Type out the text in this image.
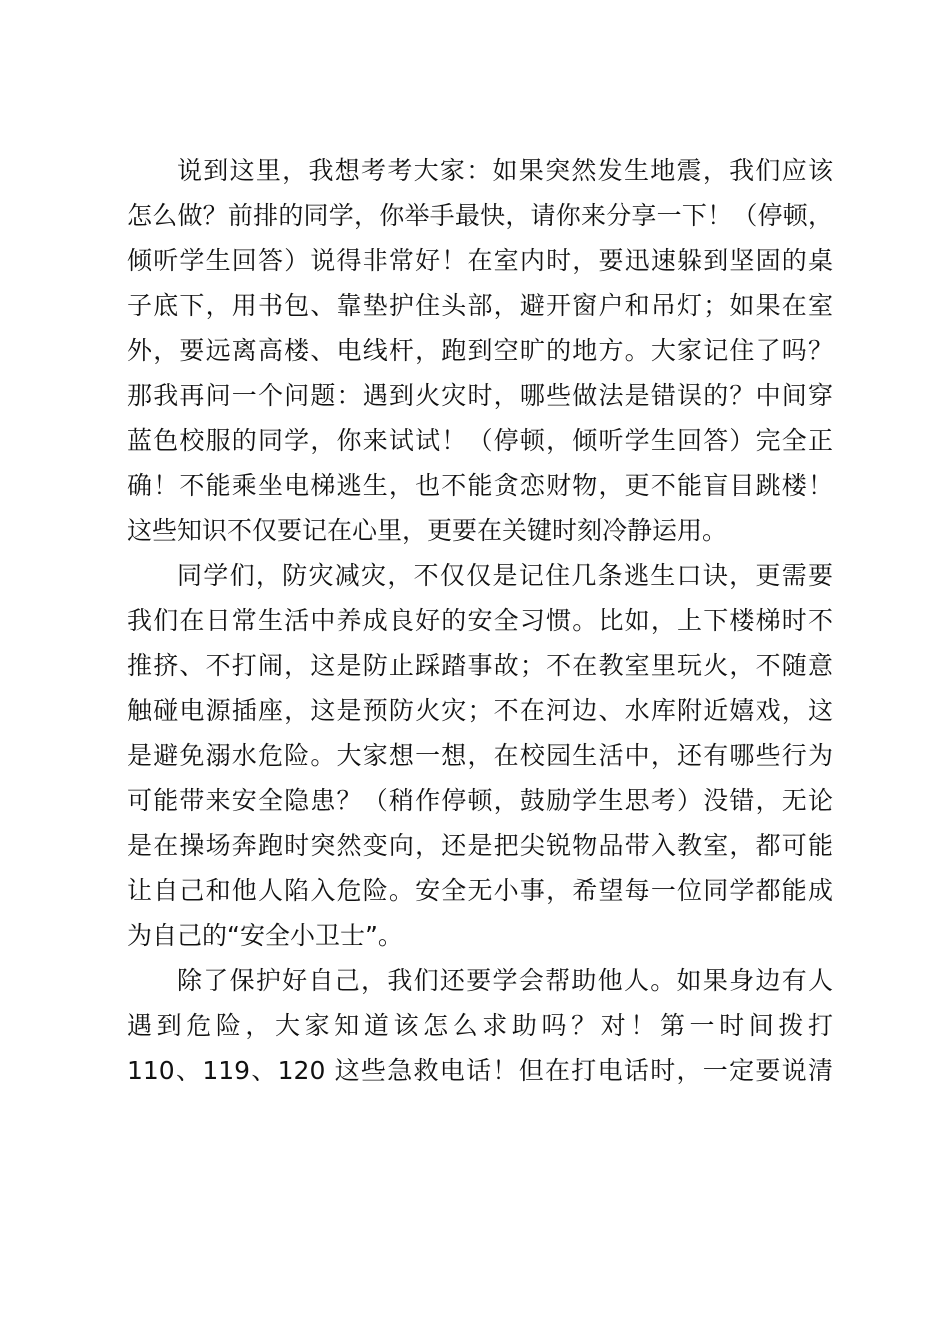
说到这里，我想考考大家：如果突然发生地震，我们应该
怎么做？前排的同学，你举手最快，请你来分享一下！（停顿，
倾听学生回答）说得非常好！在室内时，要迅速躲到坚固的桌
子底下，用书包、靠垫护住头部，避开窗户和吊灯；如果在室
外，要远离高楼、电线杆，跑到空旷的地方。大家记住了吗？
那我再问一个问题：遇到火灾时，哪些做法是错误的？中间穿
蓝色校服的同学，你来试试！（停顿，倾听学生回答）完全正
确！不能乘坐电梯逃生，也不能贪恋财物，更不能盲目跳楼！
这些知识不仅要记在心里，更要在关键时刻冷静运用。
同学们，防灾减灾，不仅仅是记住几条逃生口诀，更需要
我们在日常生活中养成良好的安全习惯。比如，上下楼梯时不
推挤、不打闹，这是防止踩踏事故；不在教室里玩火，不随意
触碰电源插座，这是预防火灾；不在河边、水库附近嬉戏，这
是避免溺水危险。大家想一想，在校园生活中，还有哪些行为
可能带来安全隐患？（稍作停顿，鼓励学生思考）没错，无论
是在操场奔跑时突然变向，还是把尖锐物品带入教室，都可能
让自己和他人陷入危险。安全无小事，希望每一位同学都能成
为自己的“安全小卫士”。
除了保护好自己，我们还要学会帮助他人。如果身边有人
遇到危险，大家知道该怎么求助吗？对！第一时间拨打
110、119、120 这些急救电话！但在打电话时，一定要说清
